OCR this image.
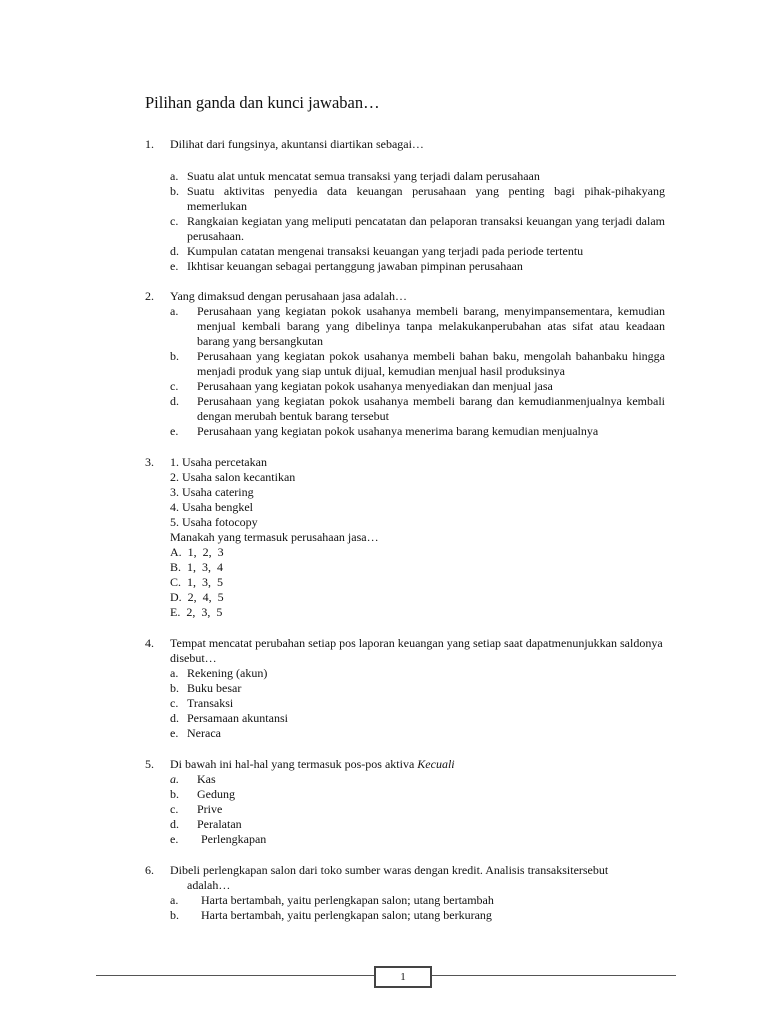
Pilihan ganda dan kunci jawaban…
1.	Dilihat dari fungsinya, akuntansi diartikan sebagai…
a. Suatu alat untuk mencatat semua transaksi yang terjadi dalam perusahaan
b. Suatu aktivitas penyedia data keuangan perusahaan yang penting bagi pihak-pihakyang memerlukan
c. Rangkaian kegiatan yang meliputi pencatatan dan pelaporan transaksi keuangan yang terjadi dalam perusahaan.
d. Kumpulan catatan mengenai transaksi keuangan yang terjadi pada periode tertentu
e. Ikhtisar keuangan sebagai pertanggung jawaban pimpinan perusahaan
2.	Yang dimaksud dengan perusahaan jasa adalah…
a.	Perusahaan yang kegiatan pokok usahanya membeli barang, menyimpansementara, kemudian menjual kembali barang yang dibelinya tanpa melakukanperubahan atas sifat atau keadaan barang yang bersangkutan
b.	Perusahaan yang kegiatan pokok usahanya membeli bahan baku, mengolah bahanbaku hingga menjadi produk yang siap untuk dijual, kemudian menjual hasil produksinya
c.	Perusahaan yang kegiatan pokok usahanya menyediakan dan menjual jasa
d.	Perusahaan yang kegiatan pokok usahanya membeli barang dan kemudianmenjualnya kembali dengan merubah bentuk barang tersebut
e.	Perusahaan yang kegiatan pokok usahanya menerima barang kemudian menjualnya
3.	1. Usaha percetakan
2. Usaha salon kecantikan
3. Usaha catering
4. Usaha bengkel
5. Usaha fotocopy
Manakah yang termasuk perusahaan jasa…
A.  1,  2,  3
B.  1,  3,  4
C.  1,  3,  5
D.  2,  4,  5
E.  2,  3,  5
4.	Tempat mencatat perubahan setiap pos laporan keuangan yang setiap saat dapatmenunjukkan saldonya disebut…
a. Rekening (akun)
b. Buku besar
c. Transaksi
d. Persamaan akuntansi
e. Neraca
5.	Di bawah ini hal-hal yang termasuk pos-pos aktiva Kecuali
a.	Kas
b.	Gedung
c.	Prive
d.	Peralatan
e.	Perlengkapan
6.	Dibeli perlengkapan salon dari toko sumber waras dengan kredit. Analisis transaksitersebut
adalah…
a.	Harta bertambah, yaitu perlengkapan salon; utang bertambah
b.	Harta bertambah, yaitu perlengkapan salon; utang berkurang
1
